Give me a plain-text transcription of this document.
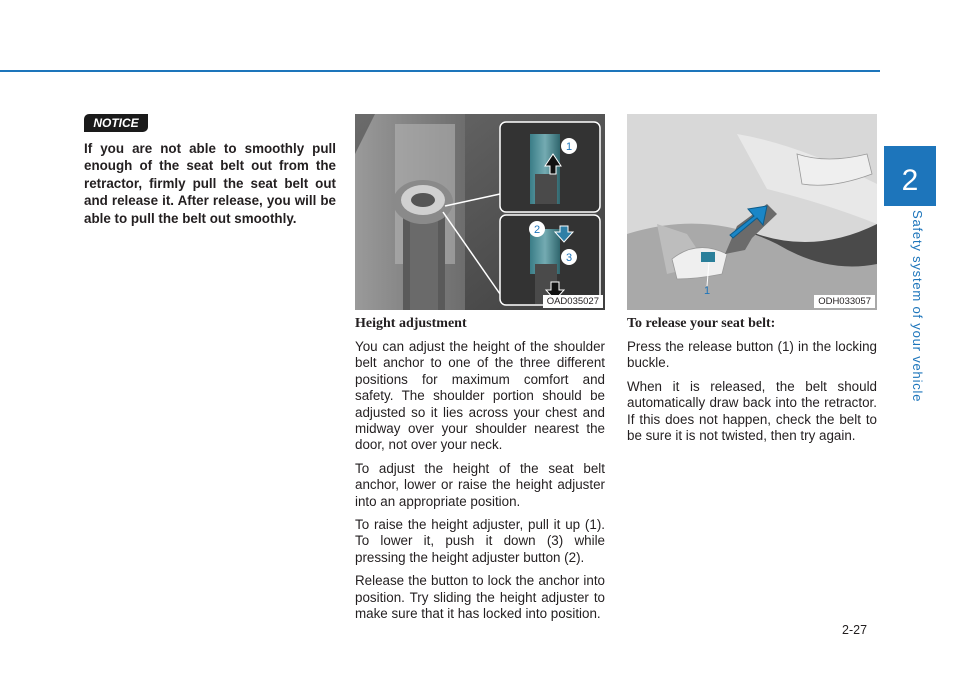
2
Safety system of your vehicle
NOTICE

If you are not able to smoothly pull enough of the seat belt out from the retractor, firmly pull the seat belt out and release it. After release, you will be able to pull the belt out smoothly.

1
2
3
OAD035027
1
ODH033057
Height adjustment

You can adjust the height of the shoulder belt anchor to one of the three different positions for maximum comfort and safety. The shoulder portion should be adjusted so it lies across your chest and midway over your shoulder nearest the door, not over your neck.

To adjust the height of the seat belt anchor, lower or raise the height adjuster into an appropriate position.

To raise the height adjuster, pull it up (1). To lower it, push it down (3) while pressing the height adjuster button (2).

Release the button to lock the anchor into position. Try sliding the height adjuster to make sure that it has locked into position.

To release your seat belt:

Press the release button (1) in the locking buckle.

When it is released, the belt should automatically draw back into the retractor. If this does not happen, check the belt to be sure it is not twisted, then try again.

2-27
